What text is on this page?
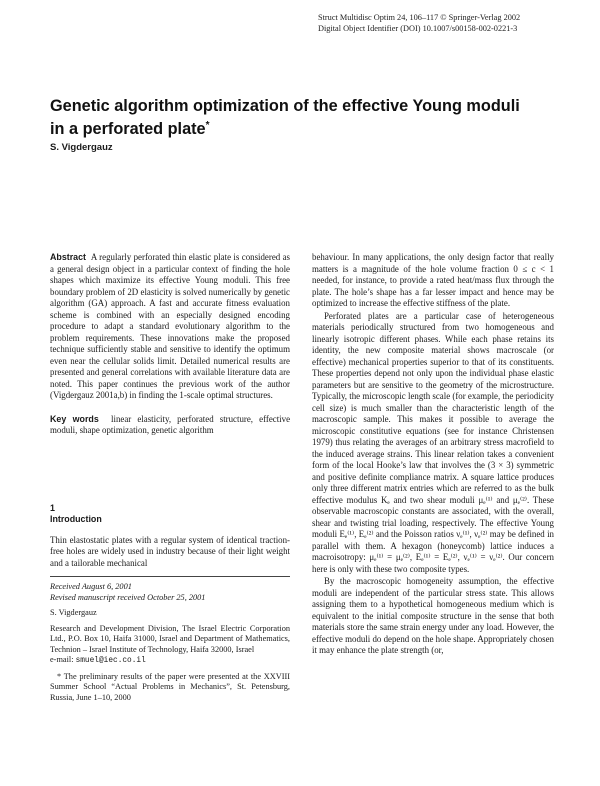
Struct Multidisc Optim 24, 106–117 © Springer-Verlag 2002
Digital Object Identifier (DOI) 10.1007/s00158-002-0221-3
Genetic algorithm optimization of the effective Young moduli
in a perforated plate*
S. Vigdergauz

Abstract A regularly perforated thin elastic plate is considered as a general design object in a particular context of finding the hole shapes which maximize its effective Young moduli. This free boundary problem of 2D elasticity is solved numerically by genetic algorithm (GA) approach. A fast and accurate fitness evaluation scheme is combined with an especially designed encoding procedure to adapt a standard evolutionary algorithm to the problem requirements. These innovations make the proposed technique sufficiently stable and sensitive to identify the optimum even near the cellular solids limit. Detailed numerical results are presented and general correlations with available literature data are noted. This paper continues the previous work of the author (Vigdergauz 2001a,b) in finding the 1-scale optimal structures.

Key words linear elasticity, perforated structure, effective moduli, shape optimization, genetic algorithm

1
Introduction

Thin elastostatic plates with a regular system of identical traction-free holes are widely used in industry because of their light weight and a tailorable mechanical

Received August 6, 2001

Revised manuscript received October 25, 2001

S. Vigdergauz

Research and Development Division, The Israel Electric Corporation Ltd., P.O. Box 10, Haifa 31000, Israel and Department of Mathematics, Technion – Israel Institute of Technology, Haifa 32000, Israel

e-mail: smuel@iec.co.il

* The preliminary results of the paper were presented at the XXVIII Summer School “Actual Problems in Mechanics”, St. Petensburg, Russia, June 1–10, 2000

behaviour. In many applications, the only design factor that really matters is a magnitude of the hole volume fraction 0 ≤ c < 1 needed, for instance, to provide a rated heat/mass flux through the plate. The hole’s shape has a far lesser impact and hence may be optimized to increase the effective stiffness of the plate.

Perforated plates are a particular case of heterogeneous materials periodically structured from two homogeneous and linearly isotropic different phases. While each phase retains its identity, the new composite material shows macroscale (or effective) mechanical properties superior to that of its constituents. These properties depend not only upon the individual phase elastic parameters but are sensitive to the geometry of the microstructure. Typically, the microscopic length scale (for example, the periodicity cell size) is much smaller than the characteristic length of the macroscopic sample. This makes it possible to average the microscopic constitutive equations (see for instance Christensen 1979) thus relating the averages of an arbitrary stress macrofield to the induced average strains. This linear relation takes a convenient form of the local Hooke’s law that involves the (3 × 3) symmetric and positive definite compliance matrix. A square lattice produces only three different matrix entries which are referred to as the bulk effective modulus Kₑ and two shear moduli μₑ⁽¹⁾ and μₑ⁽²⁾. These observable macroscopic constants are associated, with the overall, shear and twisting trial loading, respectively. The effective Young moduli Eₑ⁽¹⁾, Eₑ⁽²⁾ and the Poisson ratios νₑ⁽¹⁾, νₑ⁽²⁾ may be defined in parallel with them. A hexagon (honeycomb) lattice induces a macroisotropy: μₑ⁽¹⁾ = μₑ⁽²⁾, Eₑ⁽¹⁾ = Eₑ⁽²⁾, νₑ⁽¹⁾ = νₑ⁽²⁾. Our concern here is only with these two composite types.

By the macroscopic homogeneity assumption, the effective moduli are independent of the particular stress state. This allows assigning them to a hypothetical homogeneous medium which is equivalent to the initial composite structure in the sense that both materials store the same strain energy under any load. However, the effective moduli do depend on the hole shape. Appropriately chosen it may enhance the plate strength (or,
